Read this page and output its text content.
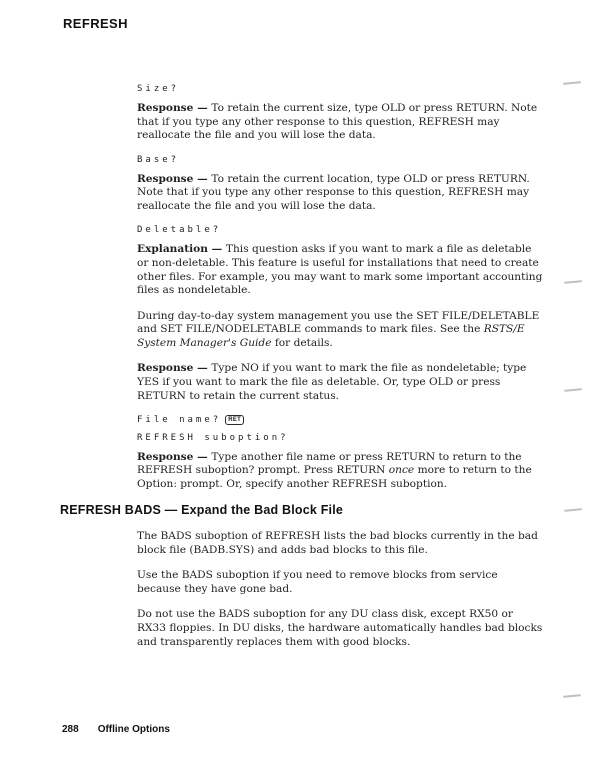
REFRESH
Size?

Response — To retain the current size, type OLD or press RETURN. Note that if you type any other response to this question, REFRESH may reallocate the file and you will lose the data.

Base?

Response — To retain the current location, type OLD or press RETURN. Note that if you type any other response to this question, REFRESH may reallocate the file and you will lose the data.

Deletable?

Explanation — This question asks if you want to mark a file as deletable or non-deletable. This feature is useful for installations that need to create other files. For example, you may want to mark some important accounting files as nondeletable.

During day-to-day system management you use the SET FILE/DELETABLE and SET FILE/NODELETABLE commands to mark files. See the RSTS/E System Manager's Guide for details.

Response — Type NO if you want to mark the file as nondeletable; type YES if you want to mark the file as deletable. Or, type OLD or press RETURN to retain the current status.

File name? RET
REFRESH suboption?

Response — Type another file name or press RETURN to return to the REFRESH suboption? prompt. Press RETURN once more to return to the Option: prompt. Or, specify another REFRESH suboption.

REFRESH BADS — Expand the Bad Block File

The BADS suboption of REFRESH lists the bad blocks currently in the bad block file (BADB.SYS) and adds bad blocks to this file.

Use the BADS suboption if you need to remove blocks from service because they have gone bad.

Do not use the BADS suboption for any DU class disk, except RX50 or RX33 floppies. In DU disks, the hardware automatically handles bad blocks and transparently replaces them with good blocks.

288 Offline Options
